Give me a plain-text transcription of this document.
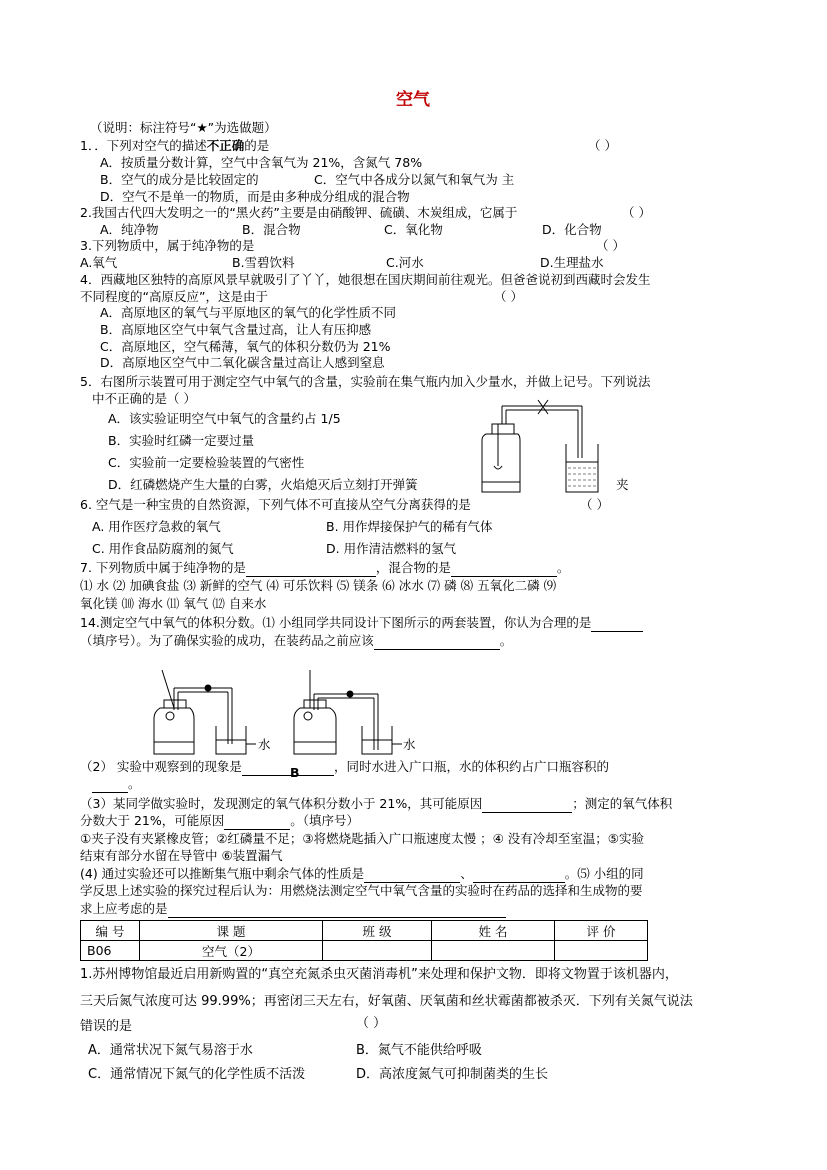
空气
（说明：标注符号“★”为选做题）
1．．下列对空气的描述不正确的是	（ ）
A．按质量分数计算，空气中含氧气为 21%，含氮气 78%
B．空气的成分是比较固定的	C．空气中各成分以氮气和氧气为 主
D．空气不是单一的物质，而是由多种成分组成的混合物
2.我国古代四大发明之一的“黑火药”主要是由硝酸钾、硫磺、木炭组成，它属于	（ ）
A．纯净物	B．混合物	C．氧化物	D．化合物
3.下列物质中，属于纯净物的是	（ ）
A.氧气	B.雪碧饮料	C.河水	D.生理盐水
4．西藏地区独特的高原风景早就吸引了丫丫，她很想在国庆期间前往观光。但爸爸说初到西藏时会发生
不同程度的“高原反应”，这是由于	（ ）
A．高原地区的氧气与平原地区的氧气的化学性质不同
B．高原地区空气中氧气含量过高，让人有压抑感
C．高原地区，空气稀薄，氧气的体积分数仍为 21%
D．高原地区空气中二氧化碳含量过高让人感到窒息
5．右图所示装置可用于测定空气中氧气的含量，实验前在集气瓶内加入少量水，并做上记号。下列说法
中不正确的是（ ）
A．该实验证明空气中氧气的含量约占 1/5
B．实验时红磷一定要过量
C．实验前一定要检验装置的气密性
D．红磷燃烧产生大量的白雾，火焰熄灭后立刻打开弹簧	夹
6. 空气是一种宝贵的自然资源，下列气体不可直接从空气分离获得的是	（ ）
A. 用作医疗急救的氧气	B. 用作焊接保护气的稀有气体
C. 用作食品防腐剂的氮气	D. 用作清洁燃料的氢气
7. 下列物质中属于纯净物的是	，混合物的是	。
⑴ 水 ⑵ 加碘食盐 ⑶ 新鲜的空气 ⑷ 可乐饮料 ⑸ 镁条 ⑹ 冰水 ⑺ 磷 ⑻ 五氧化二磷 ⑼
氧化镁 ⑽ 海水 ⑾ 氧气 ⑿ 自来水
14.测定空气中氧气的体积分数。⑴ 小组同学共同设计下图所示的两套装置，你认为合理的是
（填序号）。为了确保实验的成功，在装药品之前应该	。
水	水
（2） 实验中观察到的现象是	B	，同时水进入广口瓶，水的体积约占广口瓶容积的
。
（3）某同学做实验时，发现测定的氧气体积分数小于 21%，其可能原因	；测定的氧气体积
分数大于 21%，可能原因	。（填序号）
①夹子没有夹紧橡皮管；②红磷量不足；③将燃烧匙插入广口瓶速度太慢 ；④ 没有冷却至室温；⑤实验
结束有部分水留在导管中 ⑥装置漏气
(4) 通过实验还可以推断集气瓶中剩余气体的性质是	、	。⑸ 小组的同
学反思上述实验的探究过程后认为：用燃烧法测定空气中氧气含量的实验时在药品的选择和生成物的要
求上应考虑的是
编 号	课 题	班 级	姓 名	评 价
B06	空气（2）			
1.苏州博物馆最近启用新购置的“真空充氮杀虫灭菌消毒机”来处理和保护文物．即将文物置于该机器内，
三天后氮气浓度可达 99.99%；再密闭三天左右，好氧菌、厌氧菌和丝状霉菌都被杀灭．下列有关氮气说法
错误的是	（ ）
A．通常状况下氮气易溶于水	B．氮气不能供给呼吸
C．通常情况下氮气的化学性质不活泼	D．高浓度氮气可抑制菌类的生长
